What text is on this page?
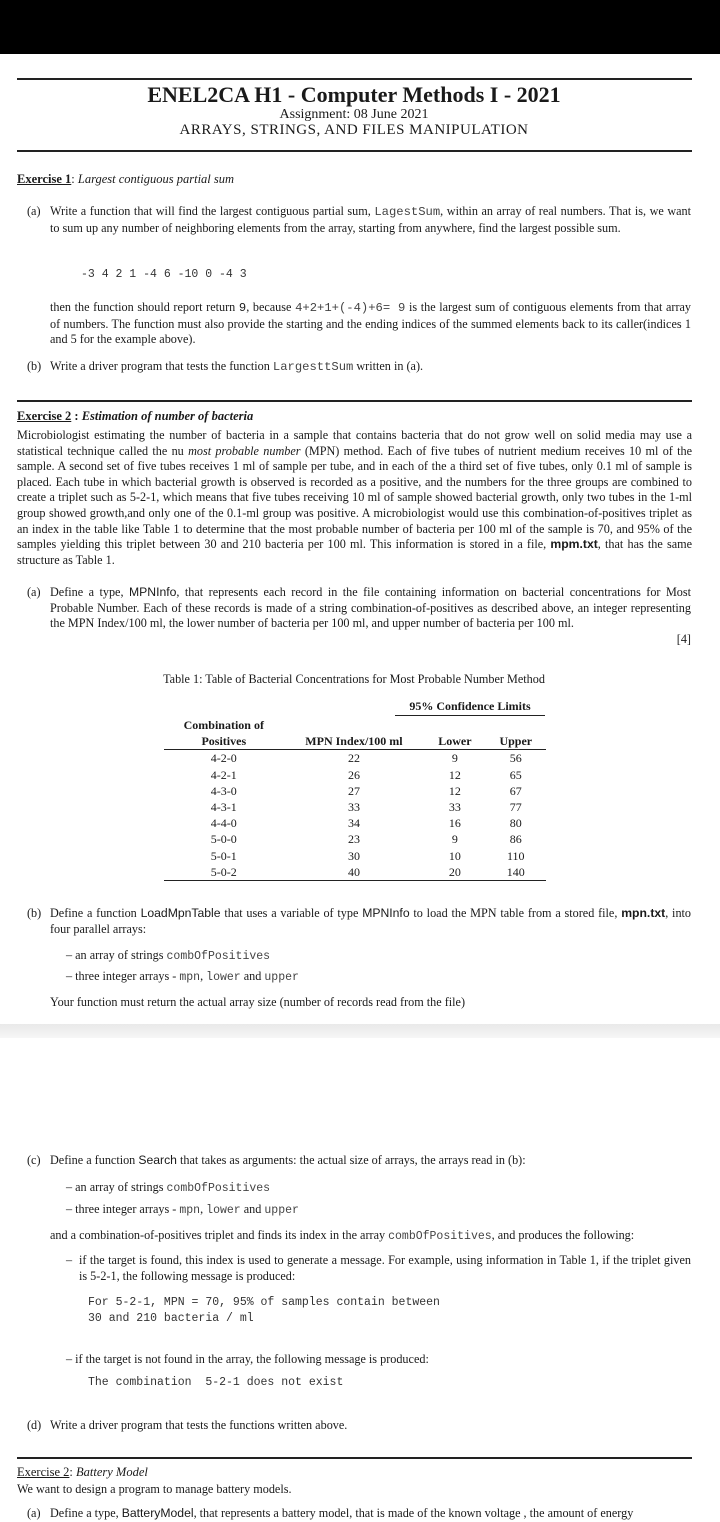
ENEL2CA H1 - Computer Methods I - 2021
Assignment: 08 June 2021
ARRAYS, STRINGS, AND FILES MANIPULATION
Exercise 1: Largest contiguous partial sum
(a) Write a function that will find the largest contiguous partial sum, LagestSum, within an array of real numbers. That is, we want to sum up any number of neighboring elements from the array, starting from anywhere, find the largest possible sum.
-3 4 2 1 -4 6 -10 0 -4 3
then the function should report return 9, because 4+2+1+(-4)+6= 9 is the largest sum of contiguous elements from that array of numbers. The function must also provide the starting and the ending indices of the summed elements back to its caller(indices 1 and 5 for the example above).
(b) Write a driver program that tests the function LargesttSum written in (a).
Exercise 2 : Estimation of number of bacteria
Microbiologist estimating the number of bacteria in a sample that contains bacteria that do not grow well on solid media may use a statistical technique called the nu most probable number (MPN) method. Each of five tubes of nutrient medium receives 10 ml of the sample. A second set of five tubes receives 1 ml of sample per tube, and in each of the a third set of five tubes, only 0.1 ml of sample is placed. Each tube in which bacterial growth is observed is recorded as a positive, and the numbers for the three groups are combined to create a triplet such as 5-2-1, which means that five tubes receiving 10 ml of sample showed bacterial growth, only two tubes in the 1-ml group showed growth,and only one of the 0.1-ml group was positive. A microbiologist would use this combination-of-positives triplet as an index in the table like Table 1 to determine that the most probable number of bacteria per 100 ml of the sample is 70, and 95% of the samples yielding this triplet between 30 and 210 bacteria per 100 ml. This information is stored in a file, mpm.txt, that has the same structure as Table 1.
(a) Define a type, MPNInfo, that represents each record in the file containing information on bacterial concentrations for Most Probable Number. Each of these records is made of a string combination-of-positives as described above, an integer representing the MPN Index/100 ml, the lower number of bacteria per 100 ml, and upper number of bacteria per 100 ml.
[4]
Table 1: Table of Bacterial Concentrations for Most Probable Number Method
95% Confidence Limits
Combination of			
Positives	MPN Index/100 ml	Lower	Upper
4-2-0	22	9	56
4-2-1	26	12	65
4-3-0	27	12	67
4-3-1	33	33	77
4-4-0	34	16	80
5-0-0	23	9	86
5-0-1	30	10	110
5-0-2	40	20	140
(b) Define a function LoadMpnTable that uses a variable of type MPNInfo to load the MPN table from a stored file, mpn.txt, into four parallel arrays:
– an array of strings combOfPositives
– three integer arrays - mpn, lower and upper
Your function must return the actual array size (number of records read from the file)
(c) Define a function Search that takes as arguments: the actual size of arrays, the arrays read in (b):
– an array of strings combOfPositives
– three integer arrays - mpn, lower and upper
and a combination-of-positives triplet and finds its index in the array combOfPositives, and produces the following:
– if the target is found, this index is used to generate a message. For example, using information in Table 1, if the triplet given is 5-2-1, the following message is produced:
For 5-2-1, MPN = 70, 95% of samples contain between
30 and 210 bacteria / ml
– if the target is not found in the array, the following message is produced:
The combination  5-2-1 does not exist
(d) Write a driver program that tests the functions written above.
Exercise 2: Battery Model
We want to design a program to manage battery models.
(a) Define a type, BatteryModel, that represents a battery model, that is made of the known voltage , the amount of energy
